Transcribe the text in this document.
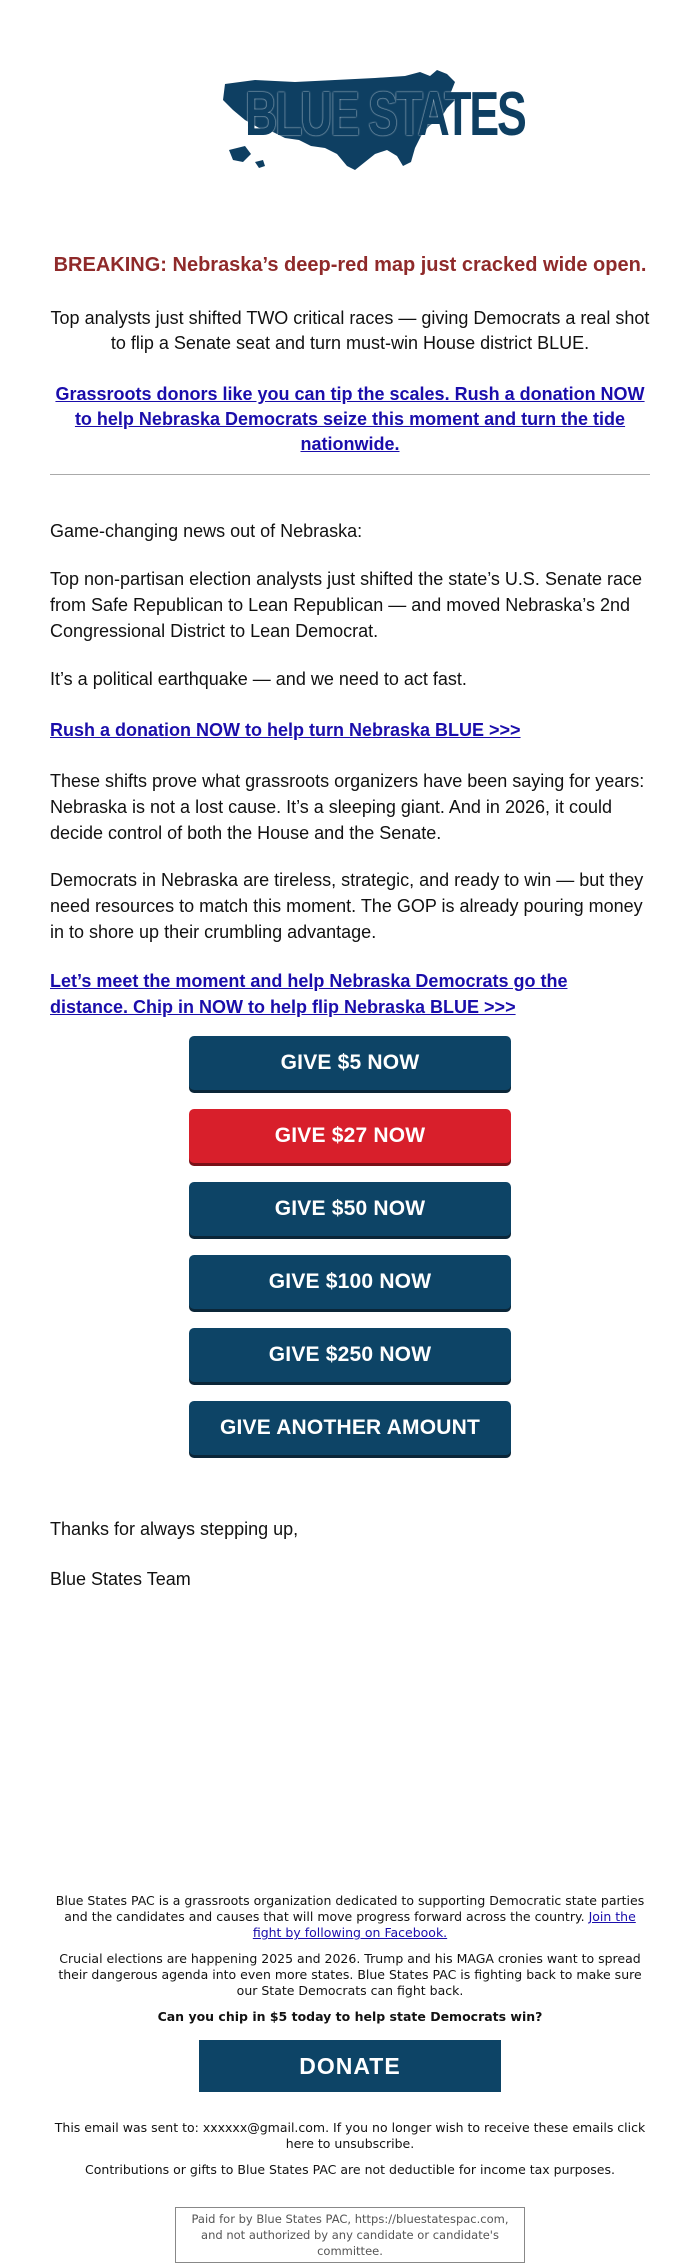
BLUE STATES
BREAKING: Nebraska’s deep-red map just cracked wide open.
Top analysts just shifted TWO critical races — giving Democrats a real shot to flip a Senate seat and turn must-win House district BLUE.
Grassroots donors like you can tip the scales. Rush a donation NOW to help Nebraska Democrats seize this moment and turn the tide nationwide.
Game-changing news out of Nebraska:
Top non-partisan election analysts just shifted the state’s U.S. Senate race from Safe Republican to Lean Republican — and moved Nebraska’s 2nd Congressional District to Lean Democrat.
It’s a political earthquake — and we need to act fast.
Rush a donation NOW to help turn Nebraska BLUE >>>
These shifts prove what grassroots organizers have been saying for years: Nebraska is not a lost cause. It’s a sleeping giant. And in 2026, it could decide control of both the House and the Senate.
Democrats in Nebraska are tireless, strategic, and ready to win — but they need resources to match this moment. The GOP is already pouring money in to shore up their crumbling advantage.
Let’s meet the moment and help Nebraska Democrats go the distance. Chip in NOW to help flip Nebraska BLUE >>>
GIVE $5 NOW
GIVE $27 NOW
GIVE $50 NOW
GIVE $100 NOW
GIVE $250 NOW
GIVE ANOTHER AMOUNT
Thanks for always stepping up,
Blue States Team
Blue States PAC is a grassroots organization dedicated to supporting Democratic state parties and the candidates and causes that will move progress forward across the country. Join the fight by following on Facebook.
Crucial elections are happening 2025 and 2026. Trump and his MAGA cronies want to spread their dangerous agenda into even more states. Blue States PAC is fighting back to make sure our State Democrats can fight back.
Can you chip in $5 today to help state Democrats win?
DONATE
This email was sent to: xxxxxx@gmail.com. If you no longer wish to receive these emails click here to unsubscribe.
Contributions or gifts to Blue States PAC are not deductible for income tax purposes.
Paid for by Blue States PAC, https://bluestatespac.com, and not authorized by any candidate or candidate's committee.
